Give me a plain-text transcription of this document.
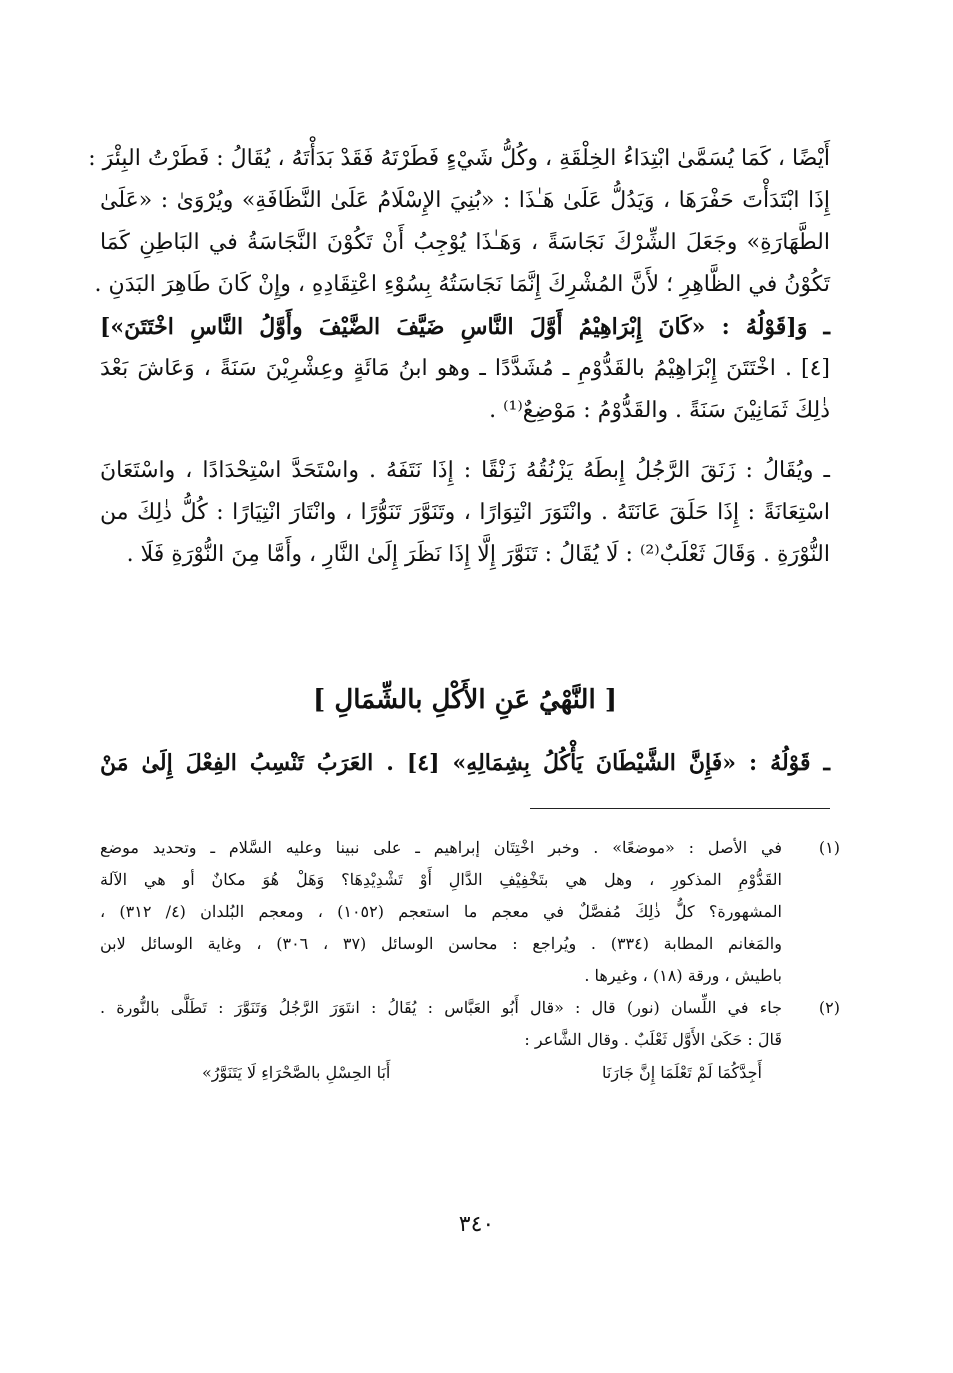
أَيْضًا ، كَمَا يُسَمَّىٰ ابْتِدَاءُ الخِلْقَةِ ، وكُلُّ شَيْءٍ فَطَرْتَهُ فَقَدْ بَدَأْتَهُ ، يُقَالُ : فَطَرْتُ البِئْرَ :
إِذَا ابْتَدَأْتَ حَفْرَهَا ، وَيَدُلُّ عَلَىٰ هَـٰذَا : «بُنِيَ الإِسْلَامُ عَلَىٰ النَّظَافَةِ» ويُرْوَىٰ : «عَلَىٰ
الطَّهَارَةِ» وجَعَلَ الشِّرْكَ نَجَاسَةً ، وَهَـٰذَا يُوْجِبُ أَنْ تَكُوْنَ النَّجَاسَةُ في البَاطِنِ كَمَا
تَكُوْنُ في الظَّاهِرِ ؛ لأَنَّ المُشْرِكَ إِنَّمَا نَجَاسَتُهُ بِسُوْءِ اعْتِقَادِهِ ، وإِنْ كَانَ طَاهِرَ البَدَنِ .
ـ وَ[قَوْلُهُ : «كَانَ إِبْرَاهِيْمُ أَوَّلَ النَّاسِ ضَيَّفَ الضَّيْفَ وأَوَّلُ النَّاسِ اخْتَتَنَ»]
[٤] . اخْتَتَنَ إِبْرَاهِيْمُ بالقَدُّوْمِ ـ مُشَدَّدًا ـ وهو ابنُ مَائَةٍ وعِشْرِيْنَ سَنَةً ، وَعَاشَ بَعْدَ
ذٰلِكَ ثَمَانِيْنَ سَنَةً . والقَدُّوْمُ : مَوْضِعٌ⁽¹⁾ .
ـ ويُقَالُ : زَنَقَ الرَّجُلُ إِبطَهُ يَزْنُقُهُ زَنْقًا : إِذَا نَتَفَهُ . واسْتَحَدَّ اسْتِحْدَادًا ، واسْتَعَانَ
اسْتِعَانَةً : إِذَا حَلَقَ عَانَتَهُ . وانْتَوَرَ انْتِوَارًا ، وتَنَوَّرَ تَنَوُّرًا ، وانْتَارَ انْتِيَارًا : كُلُّ ذٰلِكَ من
النُّوْرَةِ . وَقَالَ ثَعْلَبٌ⁽²⁾ : لَا يُقَالُ : تَنَوَّرَ إِلَّا إِذَا نَظَرَ إِلَىٰ النَّارِ ، وأَمَّا مِنَ النُّوْرَةِ فَلَا .
[ النَّهْيُ عَنِ الأَكْلِ بالشِّمَالِ ]
ـ قَوْلُهُ : «فَإِنَّ الشَّيْطَانَ يَأْكُلُ بِشِمَالِهِ» [٤] . العَرَبُ تَنْسِبُ الفِعْلَ إِلَىٰ مَنْ
(١)
في الأصل : «موضعًا» . وخبر اخْتِتَان إبراهيم ـ على نبينا وعليه السَّلام ـ وتحديد موضع
القَدُّوْمِ المذكورِ ، وهل هي بتَخْفِيْفِ الدَّالِ أَوْ تَشْدِيْدِهَا؟ وَهَلْ هُوَ مكانٌ أو هي الآلة
المشهورة؟ كلُّ ذٰلِكَ مُفصَّلٌ في معجم ما استعجم (١٠٥٢) ، ومعجم البُلدان (٤/ ٣١٢) ،
والمَغانم المطابة (٣٣٤) . ويُراجع : محاسن الوسائل (٣٧ ، ٣٠٦) ، وغاية الوسائل لابن
باطيش ، ورقة (١٨) ، وغيرها .
(٢)
جاء في اللِّسان (نور) قال : «قال أَبُو العَبَّاس : يُقَالُ : انتَوَرَ الرَّجُلُ وَتَنَوَّرَ : تَطَلَّى بالنُّورة .
قَالَ : حَكَىٰ الأَوَّل ثَعْلَبٌ . وقال الشَّاعر :
أَجِدَّكُمَا لَمْ تَعْلَمَا إِنَّ جَارَنَا
أَبَا الحِسْلِ بالصَّحْرَاءِ لَا يَتَنَوَّرُ»
٣٤٠
